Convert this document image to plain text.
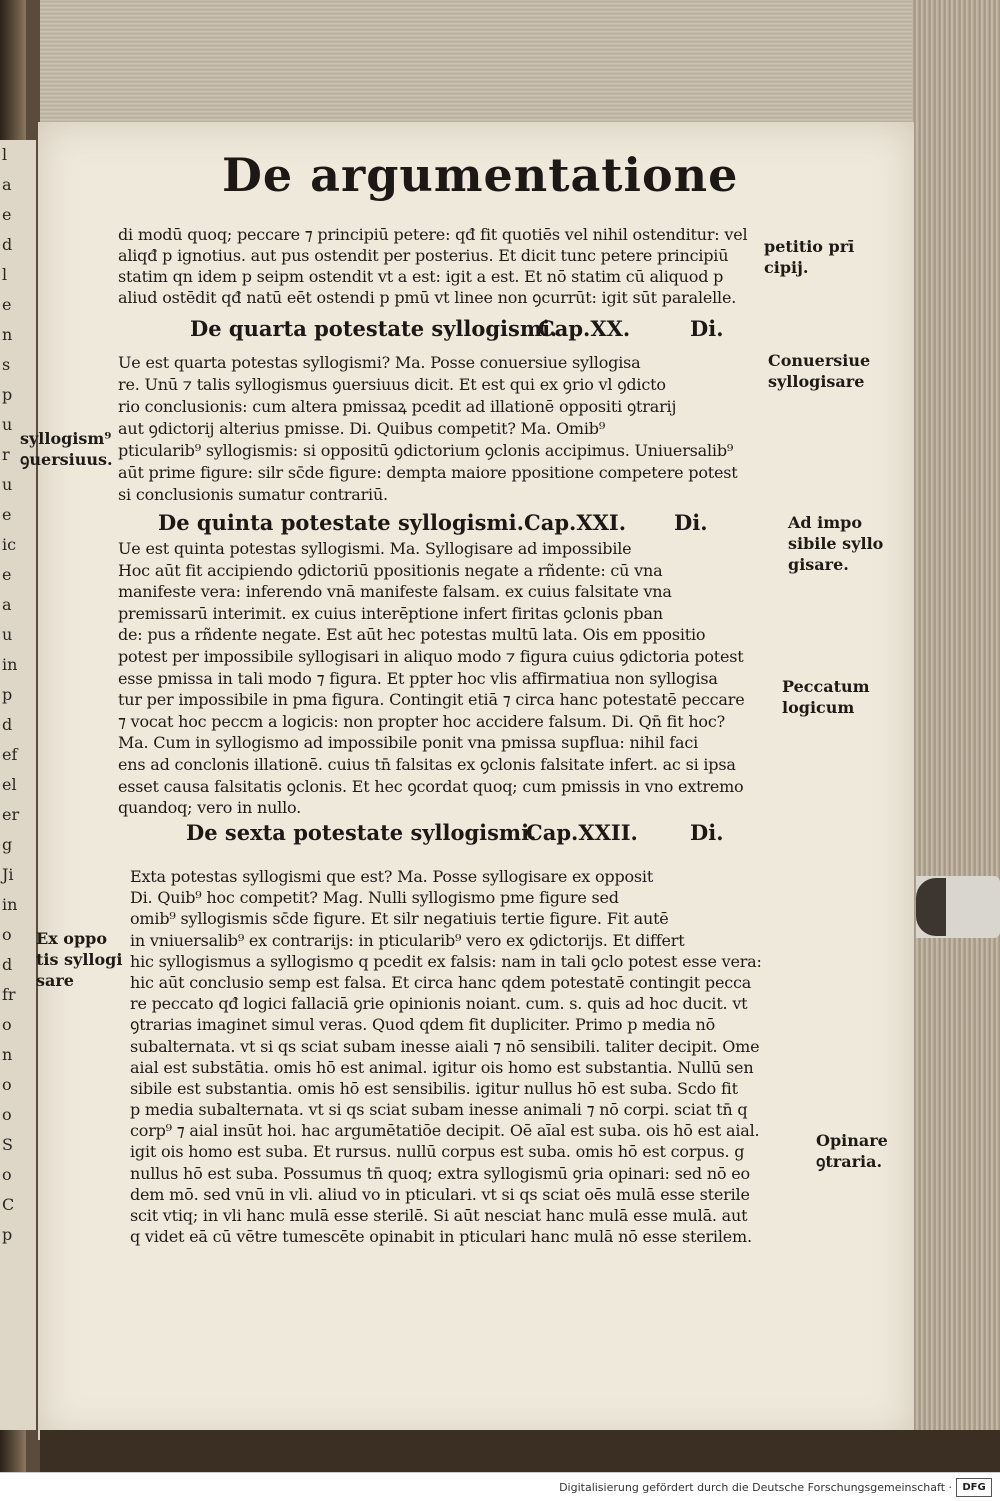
l
a
e
d
l
e
n
s
p
u
r
u
e
ic
e
a
u
in
p
d
ef
el
er
g
Ji
in
o
d
fr
o
n
o
o
S
o
C
p
De argumentatione
di modū quoq; peccare ⁊ principiū petere: qđ fit quotiēs vel nihil ostenditur: vel
aliqđ p ignotius. aut pus ostendit per posterius. Et dicit tunc petere principiū
statim qn idem p seipm ostendit vt a est: igit a est. Et nō statim cū aliquod p
aliud ostēdit qđ natū eēt ostendi p pmū vt linee non ꝯcurrūt: igit sūt paralelle.
De quarta potestate syllogismi.
Cap.XX.	Di.
Ue est quarta potestas syllogismi? Ma. Posse conuersiue syllogisa
re. Unū ⁊ talis syllogismus ꝯuersiuus dicit. Et est qui ex ꝯrio vl ꝯdicto
rio conclusionis: cum altera pmissaꝝ pcedit ad illationē oppositi ꝯtrarij
aut ꝯdictorij alterius pmisse. Di. Quibus competit? Ma. Omib⁹
pticularib⁹ syllogismis: si oppositū ꝯdictorium ꝯclonis accipimus. Uniuersalib⁹
aūt prime figure: silr sc̄de figure: dempta maiore ppositione competere potest
si conclusionis sumatur contrariū.
De quinta potestate syllogismi. Cap.XXI. Di.
Ue est quinta potestas syllogismi. Ma. Syllogisare ad impossibile
Hoc aūt fit accipiendo ꝯdictoriū ppositionis negate a rñdente: cū vna
manifeste vera: inferendo vnā manifeste falsam. ex cuius falsitate vna
premissarū interimit. ex cuius interēptione infert firitas ꝯclonis pban
de: pus a rñdente negate. Est aūt hec potestas multū lata. Ois em ppositio
potest per impossibile syllogisari in aliquo modo ⁊ figura cuius ꝯdictoria potest
esse pmissa in tali modo ⁊ figura. Et ppter hoc vlis affirmatiua non syllogisa
tur per impossibile in pma figura. Contingit etiā ⁊ circa hanc potestatē peccare
⁊ vocat hoc peccm a logicis: non propter hoc accidere falsum. Di. Qn̄ fit hoc?
Ma. Cum in syllogismo ad impossibile ponit vna pmissa supflua: nihil faci
ens ad conclonis illationē. cuius tn̄ falsitas ex ꝯclonis falsitate infert. ac si ipsa
esset causa falsitatis ꝯclonis. Et hec ꝯcordat quoq; cum pmissis in vno extremo
quandoq; vero in nullo.
De sexta potestate syllogismi.
Cap.XXII. Di.
Exta potestas syllogismi que est? Ma. Posse syllogisare ex opposit
Di. Quib⁹ hoc competit? Mag. Nulli syllogismo pme figure sed
omib⁹ syllogismis sc̄de figure. Et silr negatiuis tertie figure. Fit autē
in vniuersalib⁹ ex contrarijs: in pticularib⁹ vero ex ꝯdictorijs. Et differt
hic syllogismus a syllogismo q pcedit ex falsis: nam in tali ꝯclo potest esse vera:
hic aūt conclusio semp est falsa. Et circa hanc qdem potestatē contingit pecca
re peccato qđ logici fallaciā ꝯrie opinionis noiant. cum. s. quis ad hoc ducit. vt
ꝯtrarias imaginet simul veras. Quod qdem fit dupliciter. Primo p media nō
subalternata. vt si qs sciat subam inesse aiali ⁊ nō sensibili. taliter decipit. Ome
aial est substātia. omis hō est animal. igitur ois homo est substantia. Nullū sen
sibile est substantia. omis hō est sensibilis. igitur nullus hō est suba. Scdo fit
p media subalternata. vt si qs sciat subam inesse animali ⁊ nō corpi. sciat tn̄ q
corp⁹ ⁊ aial insūt hoi. hac argumētatiōe decipit. Oē aīal est suba. ois hō est aial.
igit ois homo est suba. Et rursus. nullū corpus est suba. omis hō est corpus. g
nullus hō est suba. Possumus tn̄ quoq; extra syllogismū ꝯria opinari: sed nō eo
dem mō. sed vnū in vli. aliud vo in pticulari. vt si qs sciat oēs mulā esse sterile
scit vtiq; in vli hanc mulā esse sterilē. Si aūt nesciat hanc mulā esse mulā. aut
q videt eā cū vētre tumescēte opinabit in pticulari hanc mulā nō esse sterilem.
petitio prī
cipij.
Conuersiue
syllogisare
syllogism⁹
ꝯuersiuus.
Ad impo
sibile syllo
gisare.
Peccatum
logicum
Ex oppo
tis syllogi
sare
Opinare
ꝯtraria.
Digitalisierung gefördert durch die Deutsche Forschungsgemeinschaft ·	DFG
